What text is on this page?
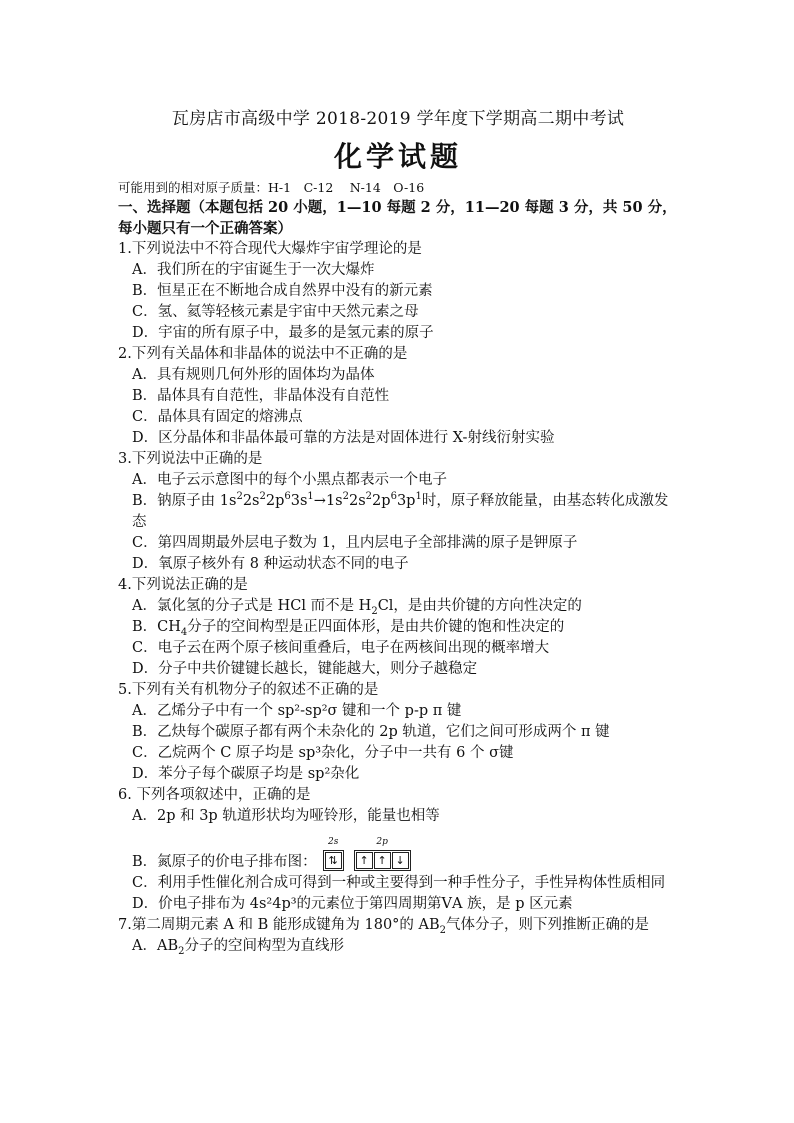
瓦房店市高级中学 2018-2019 学年度下学期高二期中考试
化学试题
可能用到的相对原子质量：H-1　C-12　 N-14　O-16
一、选择题（本题包括 20 小题，1—10 每题 2 分，11—20 每题 3 分，共 50 分，每小题只有一个正确答案）
1.下列说法中不符合现代大爆炸宇宙学理论的是
A．我们所在的宇宙诞生于一次大爆炸
B．恒星正在不断地合成自然界中没有的新元素
C．氢、氦等轻核元素是宇宙中天然元素之母
D．宇宙的所有原子中，最多的是氢元素的原子
2.下列有关晶体和非晶体的说法中不正确的是
A．具有规则几何外形的固体均为晶体
B．晶体具有自范性，非晶体没有自范性
C．晶体具有固定的熔沸点
D．区分晶体和非晶体最可靠的方法是对固体进行 X-射线衍射实验
3.下列说法中正确的是
A．电子云示意图中的每个小黑点都表示一个电子
B．钠原子由 $1s^22s^22p^63s^1\to 1s^22s^22p^63p^1$时，原子释放能量，由基态转化成激发态
C．第四周期最外层电子数为 1，且内层电子全部排满的原子是钾原子
D．氧原子核外有 8 种运动状态不同的电子
4.下列说法正确的是
A．氯化氢的分子式是 HCl 而不是 $H_2Cl$，是由共价键的方向性决定的
B．$CH_4$分子的空间构型是正四面体形，是由共价键的饱和性决定的
C．电子云在两个原子核间重叠后，电子在两核间出现的概率增大
D．分子中共价键键长越长，键能越大，则分子越稳定
5.下列有关有机物分子的叙述不正确的是
A．乙烯分子中有一个 sp²-sp²σ 键和一个 p-p π 键
B．乙炔每个碳原子都有两个未杂化的 2p 轨道，它们之间可形成两个 π 键
C．乙烷两个 C 原子均是 sp³杂化，分子中一共有 6 个 σ键
D．苯分子每个碳原子均是 sp²杂化
6. 下列各项叙述中，正确的是
A．2p 和 3p 轨道形状均为哑铃形，能量也相等
B．氮原子的价电子排布图：
2s
⇅
2p
↑ ↑ ↓
C．利用手性催化剂合成可得到一种或主要得到一种手性分子，手性异构体性质相同
D．价电子排布为 4s²4p³的元素位于第四周期第ⅤA 族，是 p 区元素
7.第二周期元素 A 和 B 能形成键角为 180°的 $AB_2$气体分子，则下列推断正确的是
A．$AB_2$分子的空间构型为直线形
